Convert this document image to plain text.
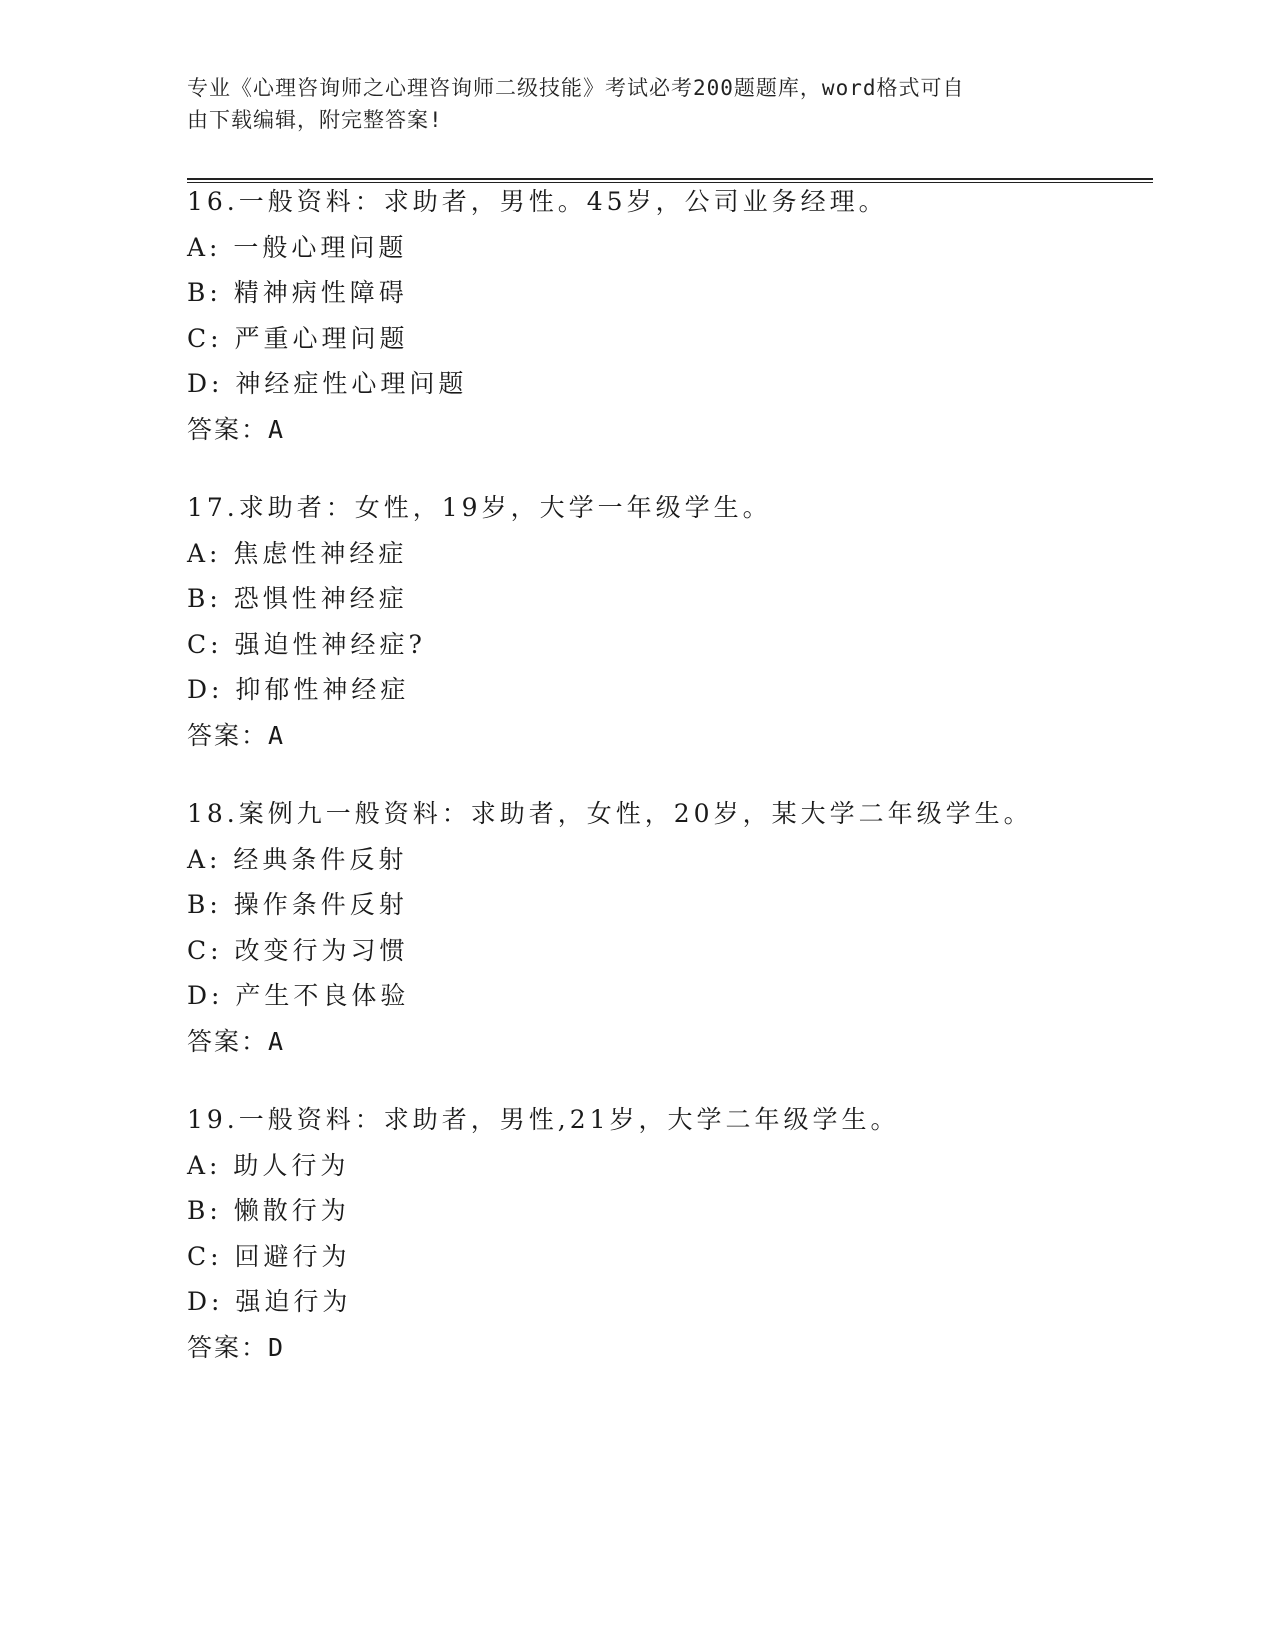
专业《心理咨询师之心理咨询师二级技能》考试必考200题题库，word格式可自
由下载编辑，附完整答案!
16.一般资料：求助者，男性。45岁，公司业务经理。
A: 一般心理问题
B: 精神病性障碍
C: 严重心理问题
D: 神经症性心理问题
答案：A
17.求助者：女性，19岁，大学一年级学生。
A: 焦虑性神经症
B: 恐惧性神经症
C: 强迫性神经症?
D: 抑郁性神经症
答案：A
18.案例九一般资料：求助者，女性，20岁，某大学二年级学生。
A: 经典条件反射
B: 操作条件反射
C: 改变行为习惯
D: 产生不良体验
答案：A
19.一般资料：求助者，男性,21岁，大学二年级学生。
A: 助人行为
B: 懒散行为
C: 回避行为
D: 强迫行为
答案：D
